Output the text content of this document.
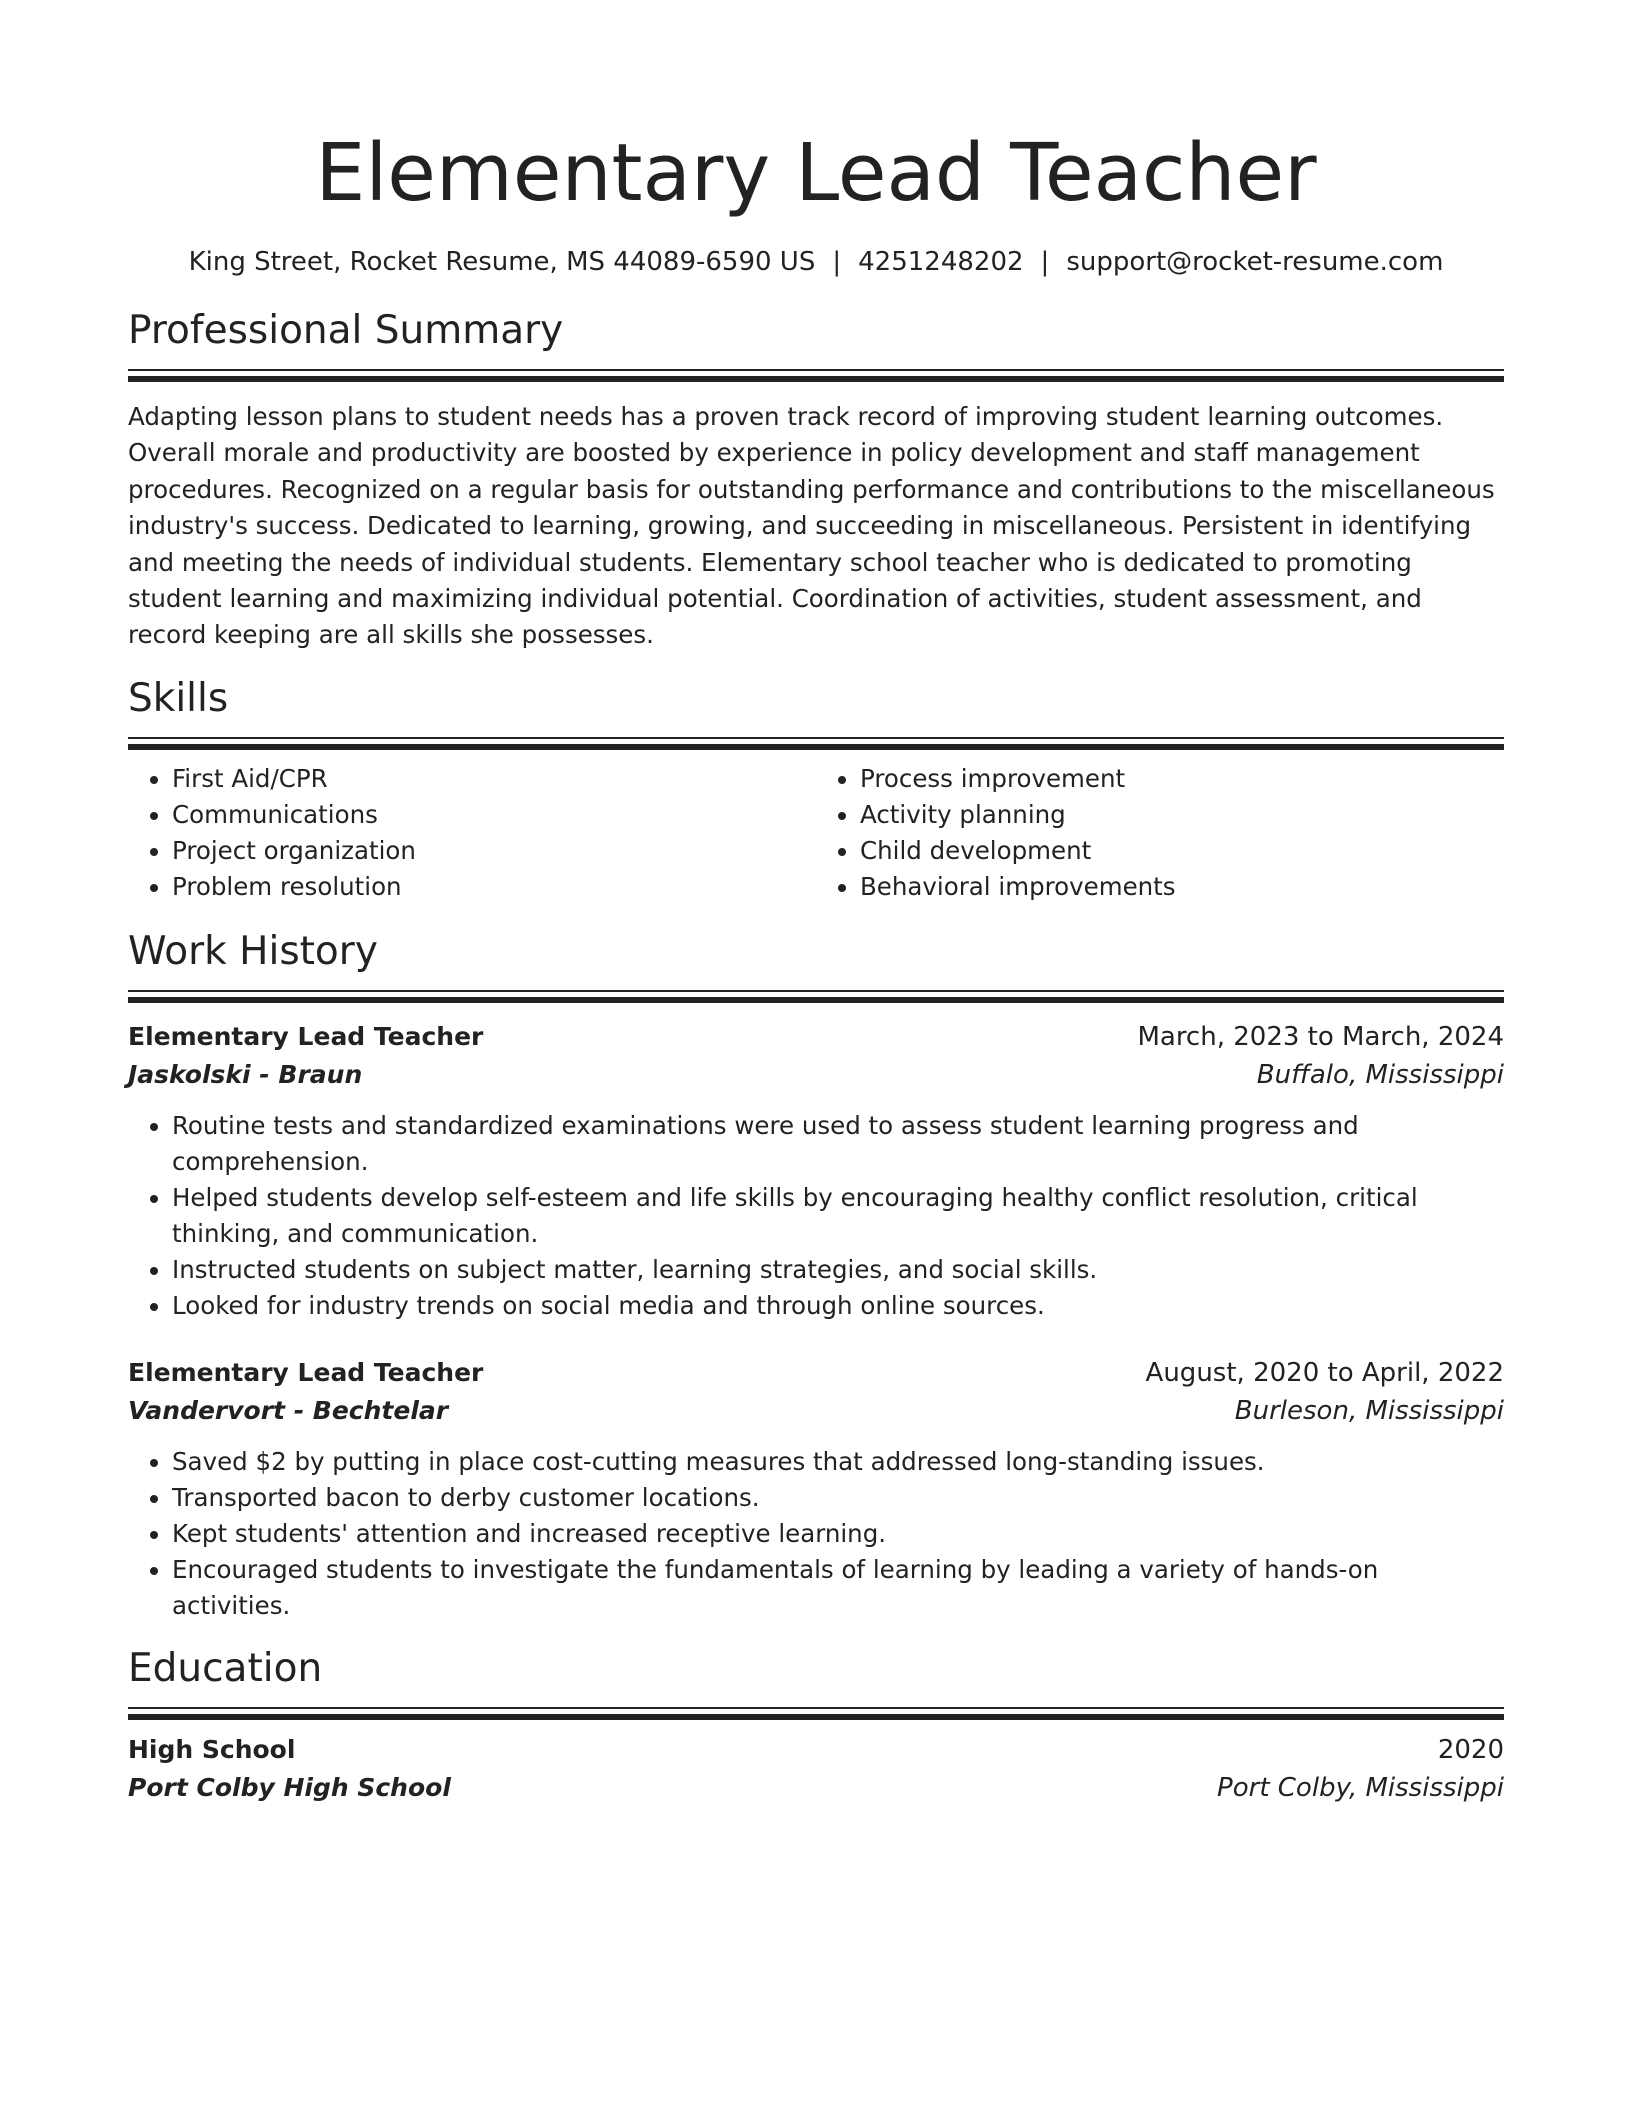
Elementary Lead Teacher
King Street, Rocket Resume, MS 44089-6590 US | 4251248202 | support@rocket-resume.com
Professional Summary
Adapting lesson plans to student needs has a proven track record of improving student learning outcomes. Overall morale and productivity are boosted by experience in policy development and staff management procedures. Recognized on a regular basis for outstanding performance and contributions to the miscellaneous industry's success. Dedicated to learning, growing, and succeeding in miscellaneous. Persistent in identifying and meeting the needs of individual students. Elementary school teacher who is dedicated to promoting student learning and maximizing individual potential. Coordination of activities, student assessment, and record keeping are all skills she possesses.
Skills
• First Aid/CPR
• Communications
• Project organization
• Problem resolution
• Process improvement
• Activity planning
• Child development
• Behavioral improvements
Work History
Elementary Lead Teacher	March, 2023 to March, 2024
Jaskolski - Braun	Buffalo, Mississippi
• Routine tests and standardized examinations were used to assess student learning progress and comprehension.
• Helped students develop self-esteem and life skills by encouraging healthy conflict resolution, critical thinking, and communication.
• Instructed students on subject matter, learning strategies, and social skills.
• Looked for industry trends on social media and through online sources.
Elementary Lead Teacher	August, 2020 to April, 2022
Vandervort - Bechtelar	Burleson, Mississippi
• Saved $2 by putting in place cost-cutting measures that addressed long-standing issues.
• Transported bacon to derby customer locations.
• Kept students' attention and increased receptive learning.
• Encouraged students to investigate the fundamentals of learning by leading a variety of hands-on activities.
Education
High School	2020
Port Colby High School	Port Colby, Mississippi
